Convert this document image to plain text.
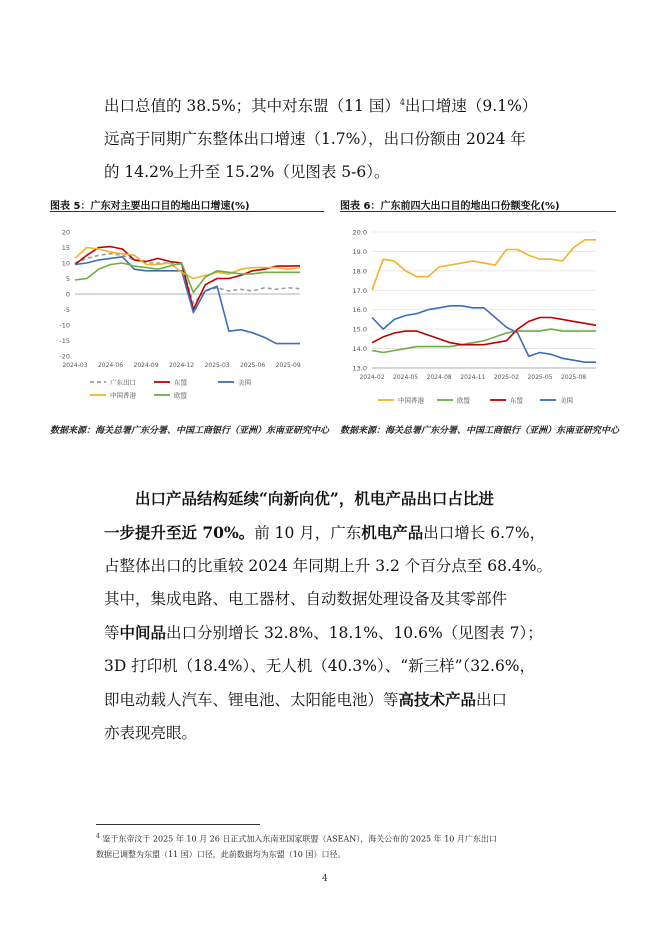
出口总值的 38.5%；其中对东盟（11 国）$^4$出口增速（9.1%）
远高于同期广东整体出口增速（1.7%），出口份额由 2024 年
的 14.2%上升至 15.2%（见图表 5-6）。
图表 5：广东对主要出口目的地出口增速(%)
20
15
10
5
0
-5
-10
-15
-20
2024-03 2024-06 2024-09 2024-12 2025-03 2025-06 2025-09
广东出口	东盟	美国
中国香港	欧盟
数据来源：海关总署广东分署、中国工商银行（亚洲）东南亚研究中心
图表 6：广东前四大出口目的地出口份额变化(%)
20.0
19.0
18.0
17.0
16.0
15.0
14.0
13.0
2024-02 2024-05 2024-08 2024-11 2025-02 2025-05 2025-08
中国香港	欧盟	东盟	美国
数据来源：海关总署广东分署、中国工商银行（亚洲）东南亚研究中心
出口产品结构延续“向新向优”，机电产品出口占比进
一步提升至近 70%。前 10 月，广东机电产品出口增长 6.7%，
占整体出口的比重较 2024 年同期上升 3.2 个百分点至 68.4%。
其中，集成电路、电工器材、自动数据处理设备及其零部件
等中间品出口分别增长 32.8%、18.1%、10.6%（见图表 7）；
3D 打印机（18.4%）、无人机（40.3%）、“新三样”（32.6%，
即电动载人汽车、锂电池、太阳能电池）等高技术产品出口
亦表现亮眼。
$^4$ 鉴于东帝汶于 2025 年 10 月 26 日正式加入东南亚国家联盟（ASEAN），海关公布的 2025 年 10 月广东出口
数据已调整为东盟（11 国）口径，此前数据均为东盟（10 国）口径。
4
